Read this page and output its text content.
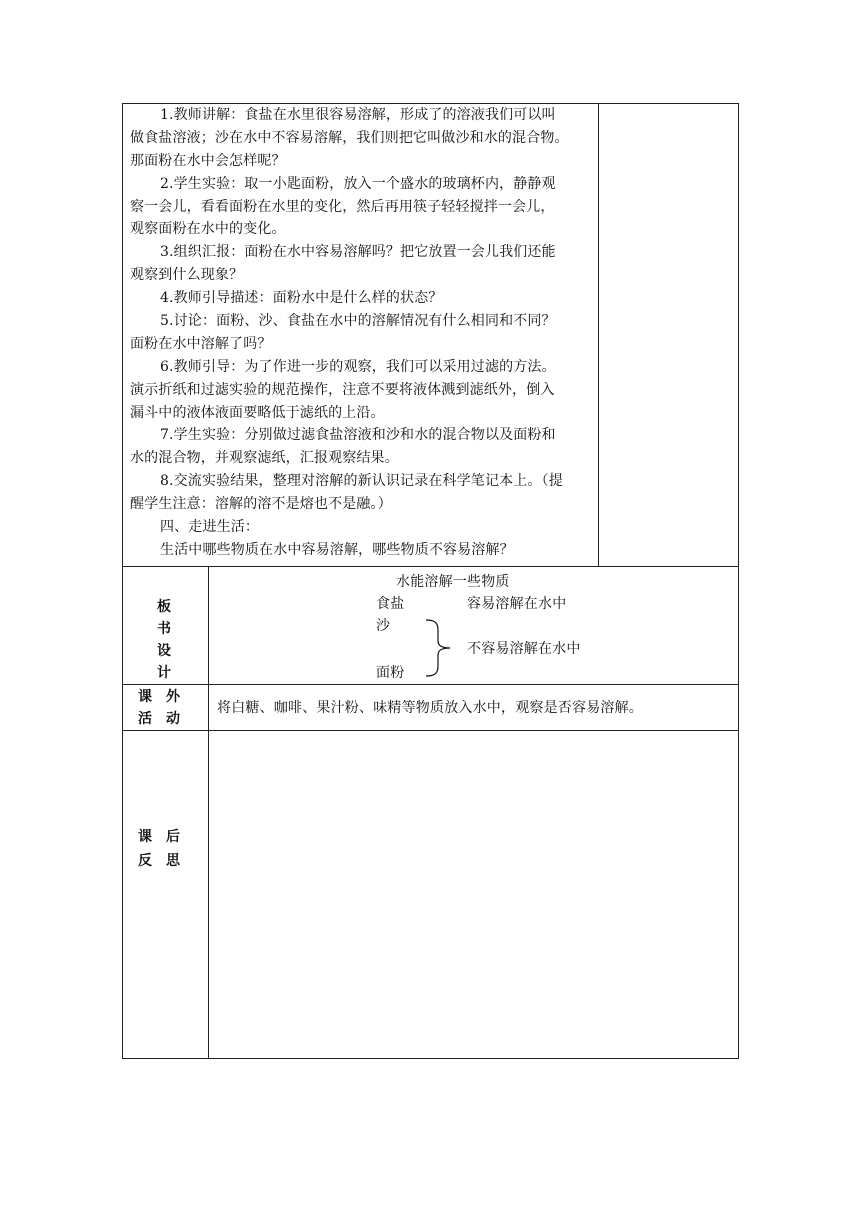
1.教师讲解：食盐在水里很容易溶解，形成了的溶液我们可以叫
做食盐溶液；沙在水中不容易溶解，我们则把它叫做沙和水的混合物。
那面粉在水中会怎样呢？
2.学生实验：取一小匙面粉，放入一个盛水的玻璃杯内，静静观
察一会儿，看看面粉在水里的变化，然后再用筷子轻轻搅拌一会儿，
观察面粉在水中的变化。
3.组织汇报：面粉在水中容易溶解吗？把它放置一会儿我们还能
观察到什么现象？
4.教师引导描述：面粉水中是什么样的状态？
5.讨论：面粉、沙、食盐在水中的溶解情况有什么相同和不同？
面粉在水中溶解了吗？
6.教师引导：为了作进一步的观察，我们可以采用过滤的方法。
演示折纸和过滤实验的规范操作，注意不要将液体溅到滤纸外，倒入
漏斗中的液体液面要略低于滤纸的上沿。
7.学生实验：分别做过滤食盐溶液和沙和水的混合物以及面粉和
水的混合物，并观察滤纸，汇报观察结果。
8.交流实验结果，整理对溶解的新认识记录在科学笔记本上。（提
醒学生注意：溶解的溶不是熔也不是融。）
四、走进生活：
生活中哪些物质在水中容易溶解，哪些物质不容易溶解？
板
书
设
计
水能溶解一些物质
食盐	容易溶解在水中
沙
不容易溶解在水中
面粉
课　外
活　动
将白糖、咖啡、果汁粉、味精等物质放入水中，观察是否容易溶解。
课　后
反　思
